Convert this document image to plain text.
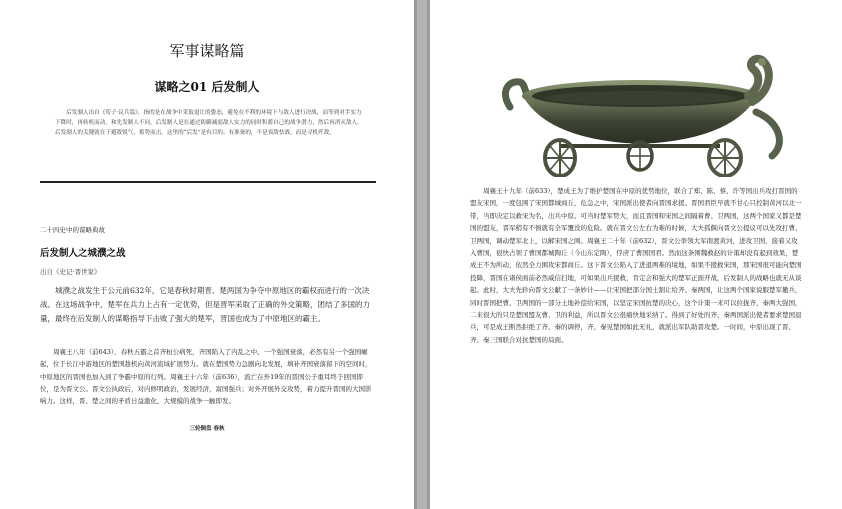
军事谋略篇
谋略之01 后发制人

后发制人出自《荀子·议兵篇》，指的是在战争中采取退让的姿态，避免在不利的环境下与敌人进行决战，而等到对手实力下降时，再转机而动。和先发制人不同，后发制人是在通过防御减弱敌人实力的同时积蓄自己的战争潜力，然后再消灭敌人。后发制人的关键就在于避敌锐气，蓄势而击。这里的“后发”是有目的、有准备的，不是畏敌怯战，而是寻机歼敌。

二十四史中的谋略典故
后发制人之城濮之战
出自《史记·晋世家》

城濮之战发生于公元前632年，它是春秋时期晋、楚两国为争夺中原地区的霸权而进行的一次决战。在这场战争中，楚军在兵力上占有一定优势，但是晋军采取了正确的外交策略，团结了多国的力量，最终在后发制人的谋略指导下击败了强大的楚军，晋国也成为了中原地区的霸主。

周襄王八年（前643），春秋五霸之首齐桓公病死，齐国陷入了内乱之中。一个强国衰落，必然有另一个强国崛起，位于长江中游地区的楚国趁机向黄河流域扩展势力。就在楚国势力急剧向北发展，填补齐国衰落留下的空间时，中原地区的晋国也加入到了争霸中原的行列。周襄王十六年（前636），流亡在外19年的晋国公子重耳终于回国即位，是为晋文公。晋文公执政后，对内修明政治，发展经济，富国强兵；对外开展外交攻势，着力提升晋国的大国影响力。这样，晋、楚之间的矛盾日益激化，大规模的战争一触即发。

三轮铜盘 春秋

周襄王十九年（前633），楚成王为了维护楚国在中原的优势地位，联合了郑、陈、蔡、许等国出兵攻打晋国的盟友宋国，一度包围了宋国都城商丘，危急之中，宋国派出使者向晋国求援。晋国君臣早就不甘心只控制黄河以北一带，当即决定以救宋为名，出兵中原。可当时楚军势大，而且晋国和宋国之间隔着曹、卫两国，这两个国家又都是楚国的盟友，晋军稍有不慎就有全军覆没的危险。就在晋文公左右为难的时候，大夫孤偃向晋文公提议可以先攻打曹、卫两国，调动楚军北上，以解宋国之围。周襄王二十年（前632），晋文公率领大军南渡黄河，进攻卫国，接着又攻入曹国，很快占领了曹国都城陶丘（今山东定陶），俘虏了曹国国君。然而这条围魏救赵的计策却没有起到效果，楚成王不为所动，依然全力围攻宋都商丘。这下晋文公陷入了进退两难的境地，如果不援救宋国，那宋国很可能向楚国投降，晋国在诸侯面前必然威信扫地，可如果出兵援救，肯定会和强大的楚军正面开战，后发制人的战略也就无从谈起。此时，大夫先轸向晋文公献了一条妙计——让宋国把部分国土割让给齐、秦两国，让这两个国家说服楚军撤兵，同时晋国把曹、卫两国的一部分土地补偿给宋国，以坚定宋国抗楚的决心，这个计策一来可以拉拢齐、秦两大强国，二来很大的只是楚国盟友曹、卫的利益，所以晋文公很痛快地采纳了。得到了好处的齐、秦两国派出使者要求楚国退兵，可是成王断然拒绝了齐、秦的调停，齐、秦见楚国如此无礼，就派出军队助晋攻楚。一时间，中原出现了晋、齐、秦三国联合对抗楚国的局面。
